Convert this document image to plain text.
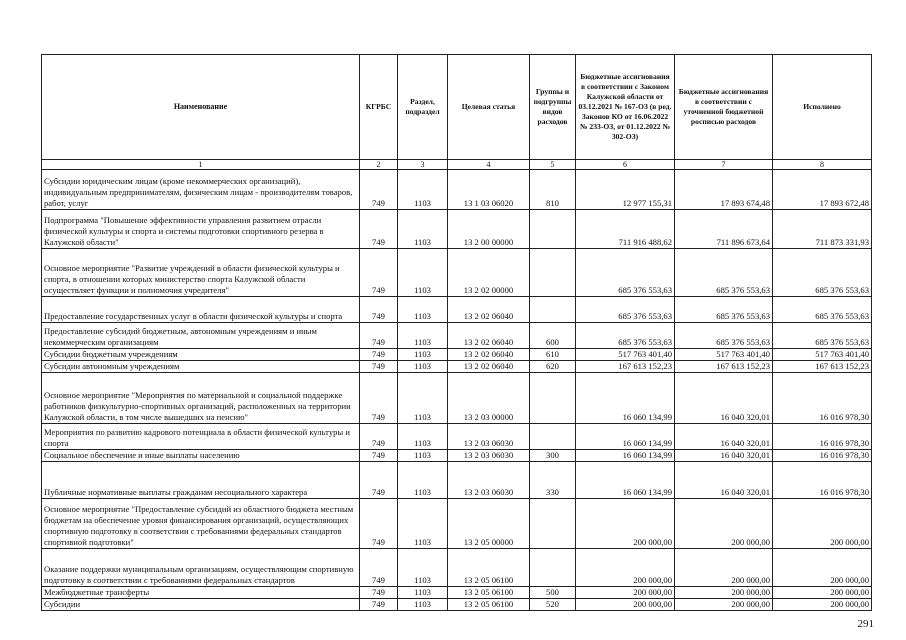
Наименование	КГРБС	Раздел, подраздел	Целевая статья	Группы и подгруппы видов расходов	Бюджетные ассигнования в соответствии с Законом Калужской области от 03.12.2021 № 167-ОЗ (в ред. Законов КО от 16.06.2022 № 233-ОЗ, от 01.12.2022 № 302-ОЗ)	Бюджетные ассигнования в соответствии с уточненной бюджетной росписью расходов	Исполнено
1	2	3	4	5	6	7	8
Субсидии юридическим лицам (кроме некоммерческих организаций), индивидуальным предпринимателям, физическим лицам - производителям товаров, работ, услуг	749	1103	13 1 03 06020	810	12 977 155,31	17 893 674,48	17 893 672,48
Подпрограмма "Повышение эффективности управления развитием отрасли физической культуры и спорта и системы подготовки спортивного резерва в Калужской области"	749	1103	13 2 00 00000		711 916 488,62	711 896 673,64	711 873 331,93
Основное мероприятие "Развитие учреждений в области физической культуры и спорта, в отношении которых министерство спорта Калужской области осуществляет функции и полномочия учредителя"	749	1103	13 2 02 00000		685 376 553,63	685 376 553,63	685 376 553,63
Предоставление государственных услуг в области физической культуры и спорта	749	1103	13 2 02 06040		685 376 553,63	685 376 553,63	685 376 553,63
Предоставление субсидий бюджетным, автономным учреждениям и иным некоммерческим организациям	749	1103	13 2 02 06040	600	685 376 553,63	685 376 553,63	685 376 553,63
Субсидии бюджетным учреждениям	749	1103	13 2 02 06040	610	517 763 401,40	517 763 401,40	517 763 401,40
Субсидии автономным учреждениям	749	1103	13 2 02 06040	620	167 613 152,23	167 613 152,23	167 613 152,23
Основное мероприятие "Мероприятия по материальной и социальной поддержке работников физкультурно-спортивных организаций, расположенных на территории Калужской области, в том числе вышедших на пенсию"	749	1103	13 2 03 00000		16 060 134,99	16 040 320,01	16 016 978,30
Мероприятия по развитию кадрового потенциала в области физической культуры и спорта	749	1103	13 2 03 06030		16 060 134,99	16 040 320,01	16 016 978,30
Социальное обеспечение и иные выплаты населению	749	1103	13 2 03 06030	300	16 060 134,99	16 040 320,01	16 016 978,30
Публичные нормативные выплаты гражданам несоциального характера	749	1103	13 2 03 06030	330	16 060 134,99	16 040 320,01	16 016 978,30
Основное мероприятие "Предоставление субсидий из областного бюджета местным бюджетам на обеспечение уровня финансирования организаций, осуществляющих спортивную подготовку в соответствии с требованиями федеральных стандартов спортивной подготовки"	749	1103	13 2 05 00000		200 000,00	200 000,00	200 000,00
Оказание поддержки муниципальным организациям, осуществляющим спортивную подготовку в соответствии с требованиями федеральных стандартов	749	1103	13 2 05 06100		200 000,00	200 000,00	200 000,00
Межбюджетные трансферты	749	1103	13 2 05 06100	500	200 000,00	200 000,00	200 000,00
Субсидии	749	1103	13 2 05 06100	520	200 000,00	200 000,00	200 000,00
291
